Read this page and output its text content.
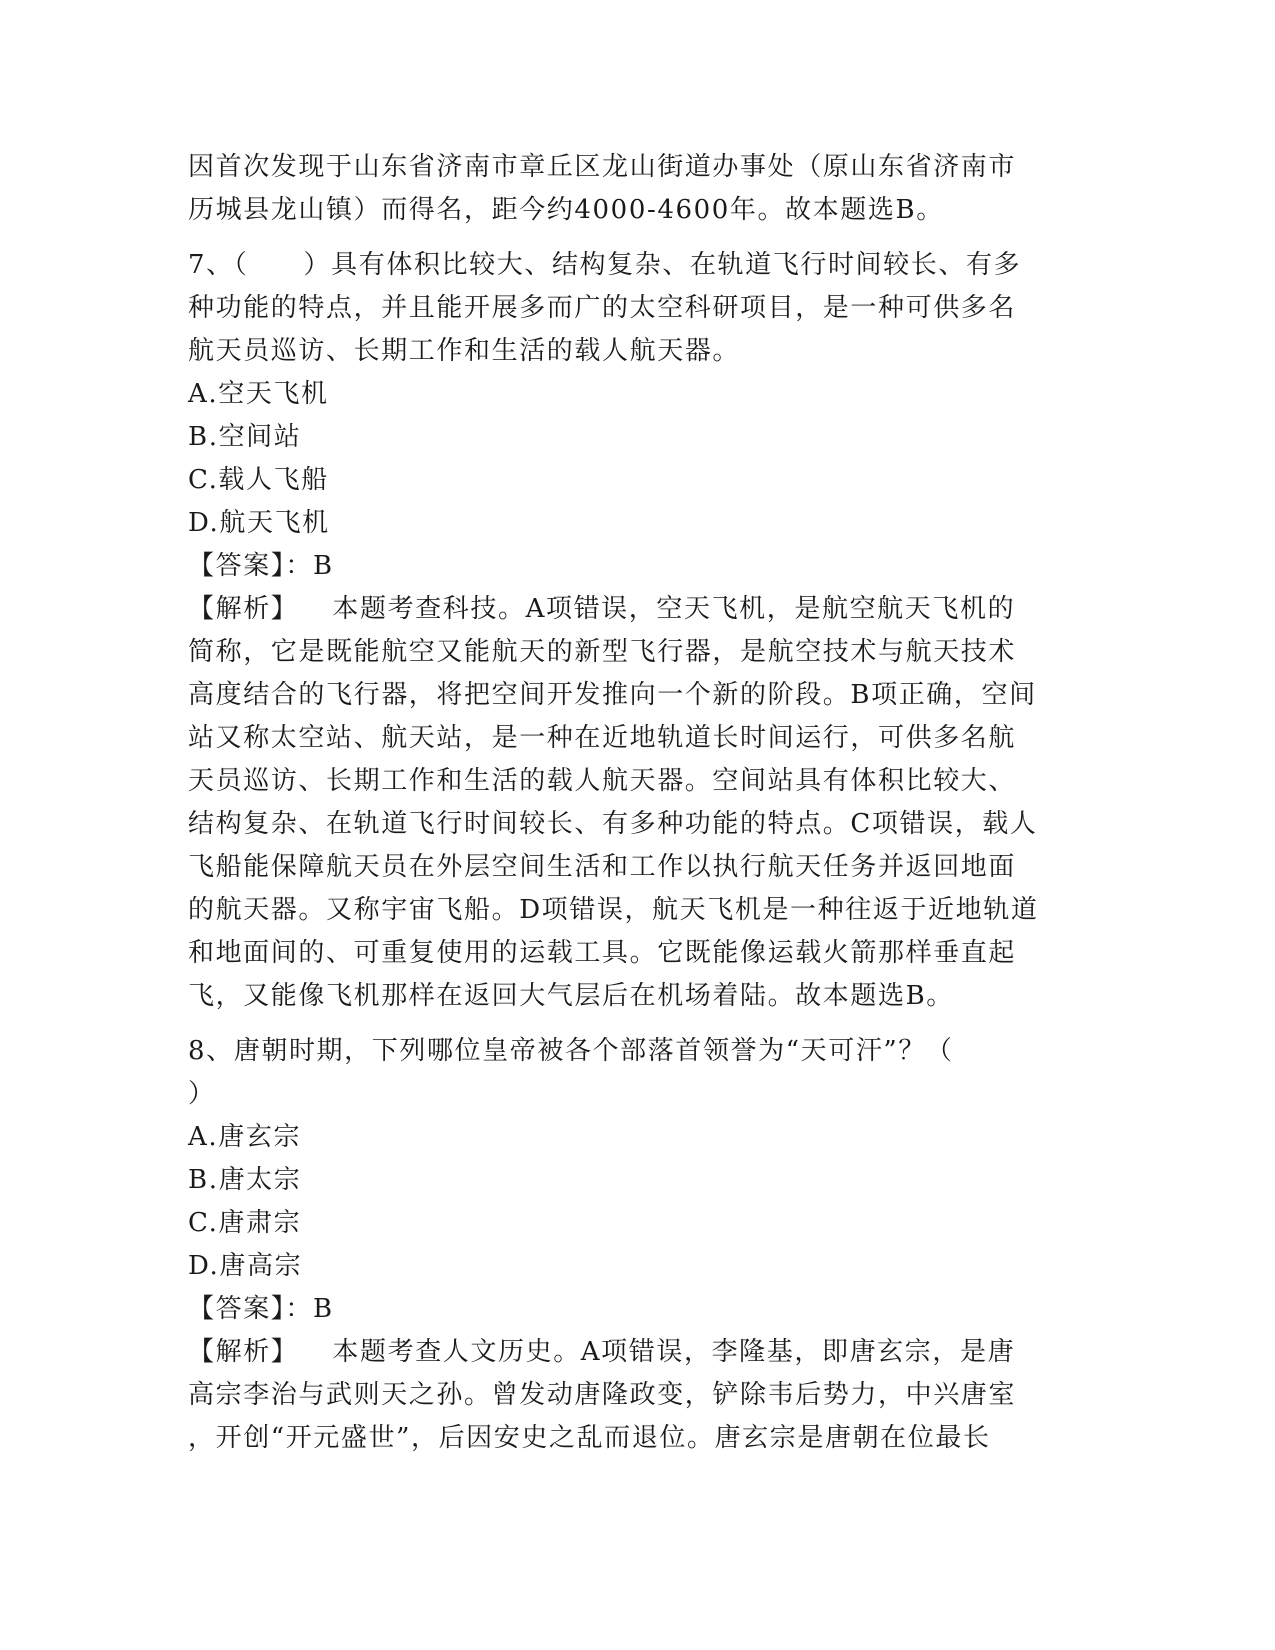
因首次发现于山东省济南市章丘区龙山街道办事处（原山东省济南市
历城县龙山镇）而得名，距今约4000-4600年。故本题选B。
7、（　　）具有体积比较大、结构复杂、在轨道飞行时间较长、有多
种功能的特点，并且能开展多而广的太空科研项目，是一种可供多名
航天员巡访、长期工作和生活的载人航天器。
A.空天飞机
B.空间站
C.载人飞船
D.航天飞机
【答案】：B
【解析】 本题考查科技。A项错误，空天飞机，是航空航天飞机的
简称，它是既能航空又能航天的新型飞行器，是航空技术与航天技术
高度结合的飞行器，将把空间开发推向一个新的阶段。B项正确，空间
站又称太空站、航天站，是一种在近地轨道长时间运行，可供多名航
天员巡访、长期工作和生活的载人航天器。空间站具有体积比较大、
结构复杂、在轨道飞行时间较长、有多种功能的特点。C项错误，载人
飞船能保障航天员在外层空间生活和工作以执行航天任务并返回地面
的航天器。又称宇宙飞船。D项错误，航天飞机是一种往返于近地轨道
和地面间的、可重复使用的运载工具。它既能像运载火箭那样垂直起
飞，又能像飞机那样在返回大气层后在机场着陆。故本题选B。
8、唐朝时期，下列哪位皇帝被各个部落首领誉为“天可汗”？（
）
A.唐玄宗
B.唐太宗
C.唐肃宗
D.唐高宗
【答案】：B
【解析】 本题考查人文历史。A项错误，李隆基，即唐玄宗，是唐
高宗李治与武则天之孙。曾发动唐隆政变，铲除韦后势力，中兴唐室
，开创“开元盛世”，后因安史之乱而退位。唐玄宗是唐朝在位最长
